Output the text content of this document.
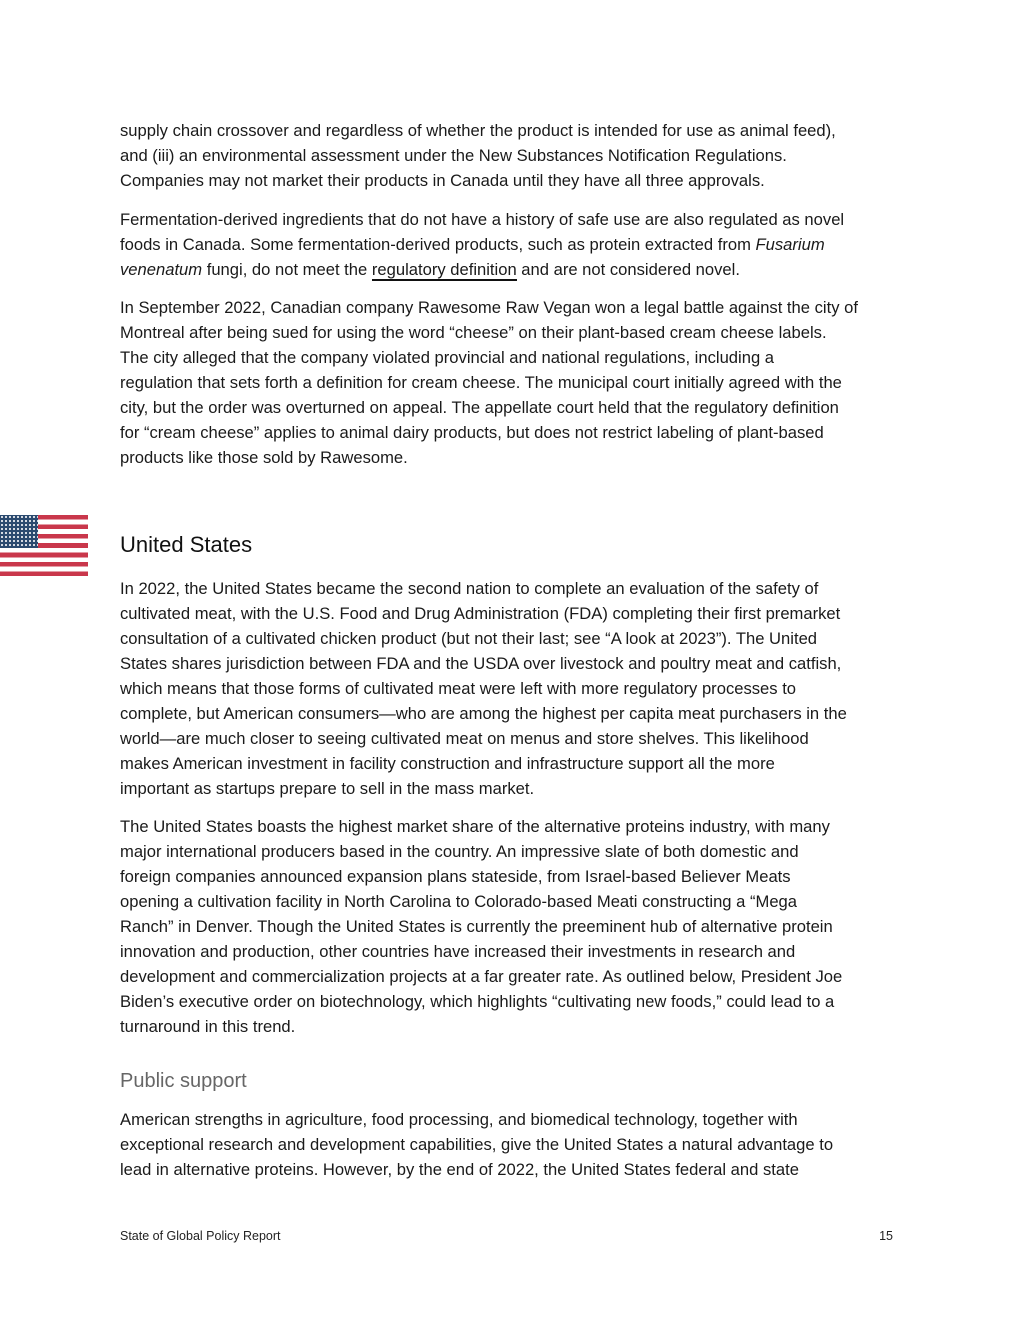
supply chain crossover and regardless of whether the product is intended for use as animal feed),
and (iii) an environmental assessment under the New Substances Notification Regulations.
Companies may not market their products in Canada until they have all three approvals.
Fermentation-derived ingredients that do not have a history of safe use are also regulated as novel
foods in Canada. Some fermentation-derived products, such as protein extracted from Fusarium
venenatum fungi, do not meet the regulatory definition and are not considered novel.
In September 2022, Canadian company Rawesome Raw Vegan won a legal battle against the city of
Montreal after being sued for using the word “cheese” on their plant-based cream cheese labels.
The city alleged that the company violated provincial and national regulations, including a
regulation that sets forth a definition for cream cheese. The municipal court initially agreed with the
city, but the order was overturned on appeal. The appellate court held that the regulatory definition
for “cream cheese” applies to animal dairy products, but does not restrict labeling of plant-based
products like those sold by Rawesome.
United States
In 2022, the United States became the second nation to complete an evaluation of the safety of
cultivated meat, with the U.S. Food and Drug Administration (FDA) completing their first premarket
consultation of a cultivated chicken product (but not their last; see “A look at 2023”). The United
States shares jurisdiction between FDA and the USDA over livestock and poultry meat and catfish,
which means that those forms of cultivated meat were left with more regulatory processes to
complete, but American consumers—who are among the highest per capita meat purchasers in the
world—are much closer to seeing cultivated meat on menus and store shelves. This likelihood
makes American investment in facility construction and infrastructure support all the more
important as startups prepare to sell in the mass market.
The United States boasts the highest market share of the alternative proteins industry, with many
major international producers based in the country. An impressive slate of both domestic and
foreign companies announced expansion plans stateside, from Israel-based Believer Meats
opening a cultivation facility in North Carolina to Colorado-based Meati constructing a “Mega
Ranch” in Denver. Though the United States is currently the preeminent hub of alternative protein
innovation and production, other countries have increased their investments in research and
development and commercialization projects at a far greater rate. As outlined below, President Joe
Biden’s executive order on biotechnology, which highlights “cultivating new foods,” could lead to a
turnaround in this trend.
Public support
American strengths in agriculture, food processing, and biomedical technology, together with
exceptional research and development capabilities, give the United States a natural advantage to
lead in alternative proteins. However, by the end of 2022, the United States federal and state
State of Global Policy Report	15
